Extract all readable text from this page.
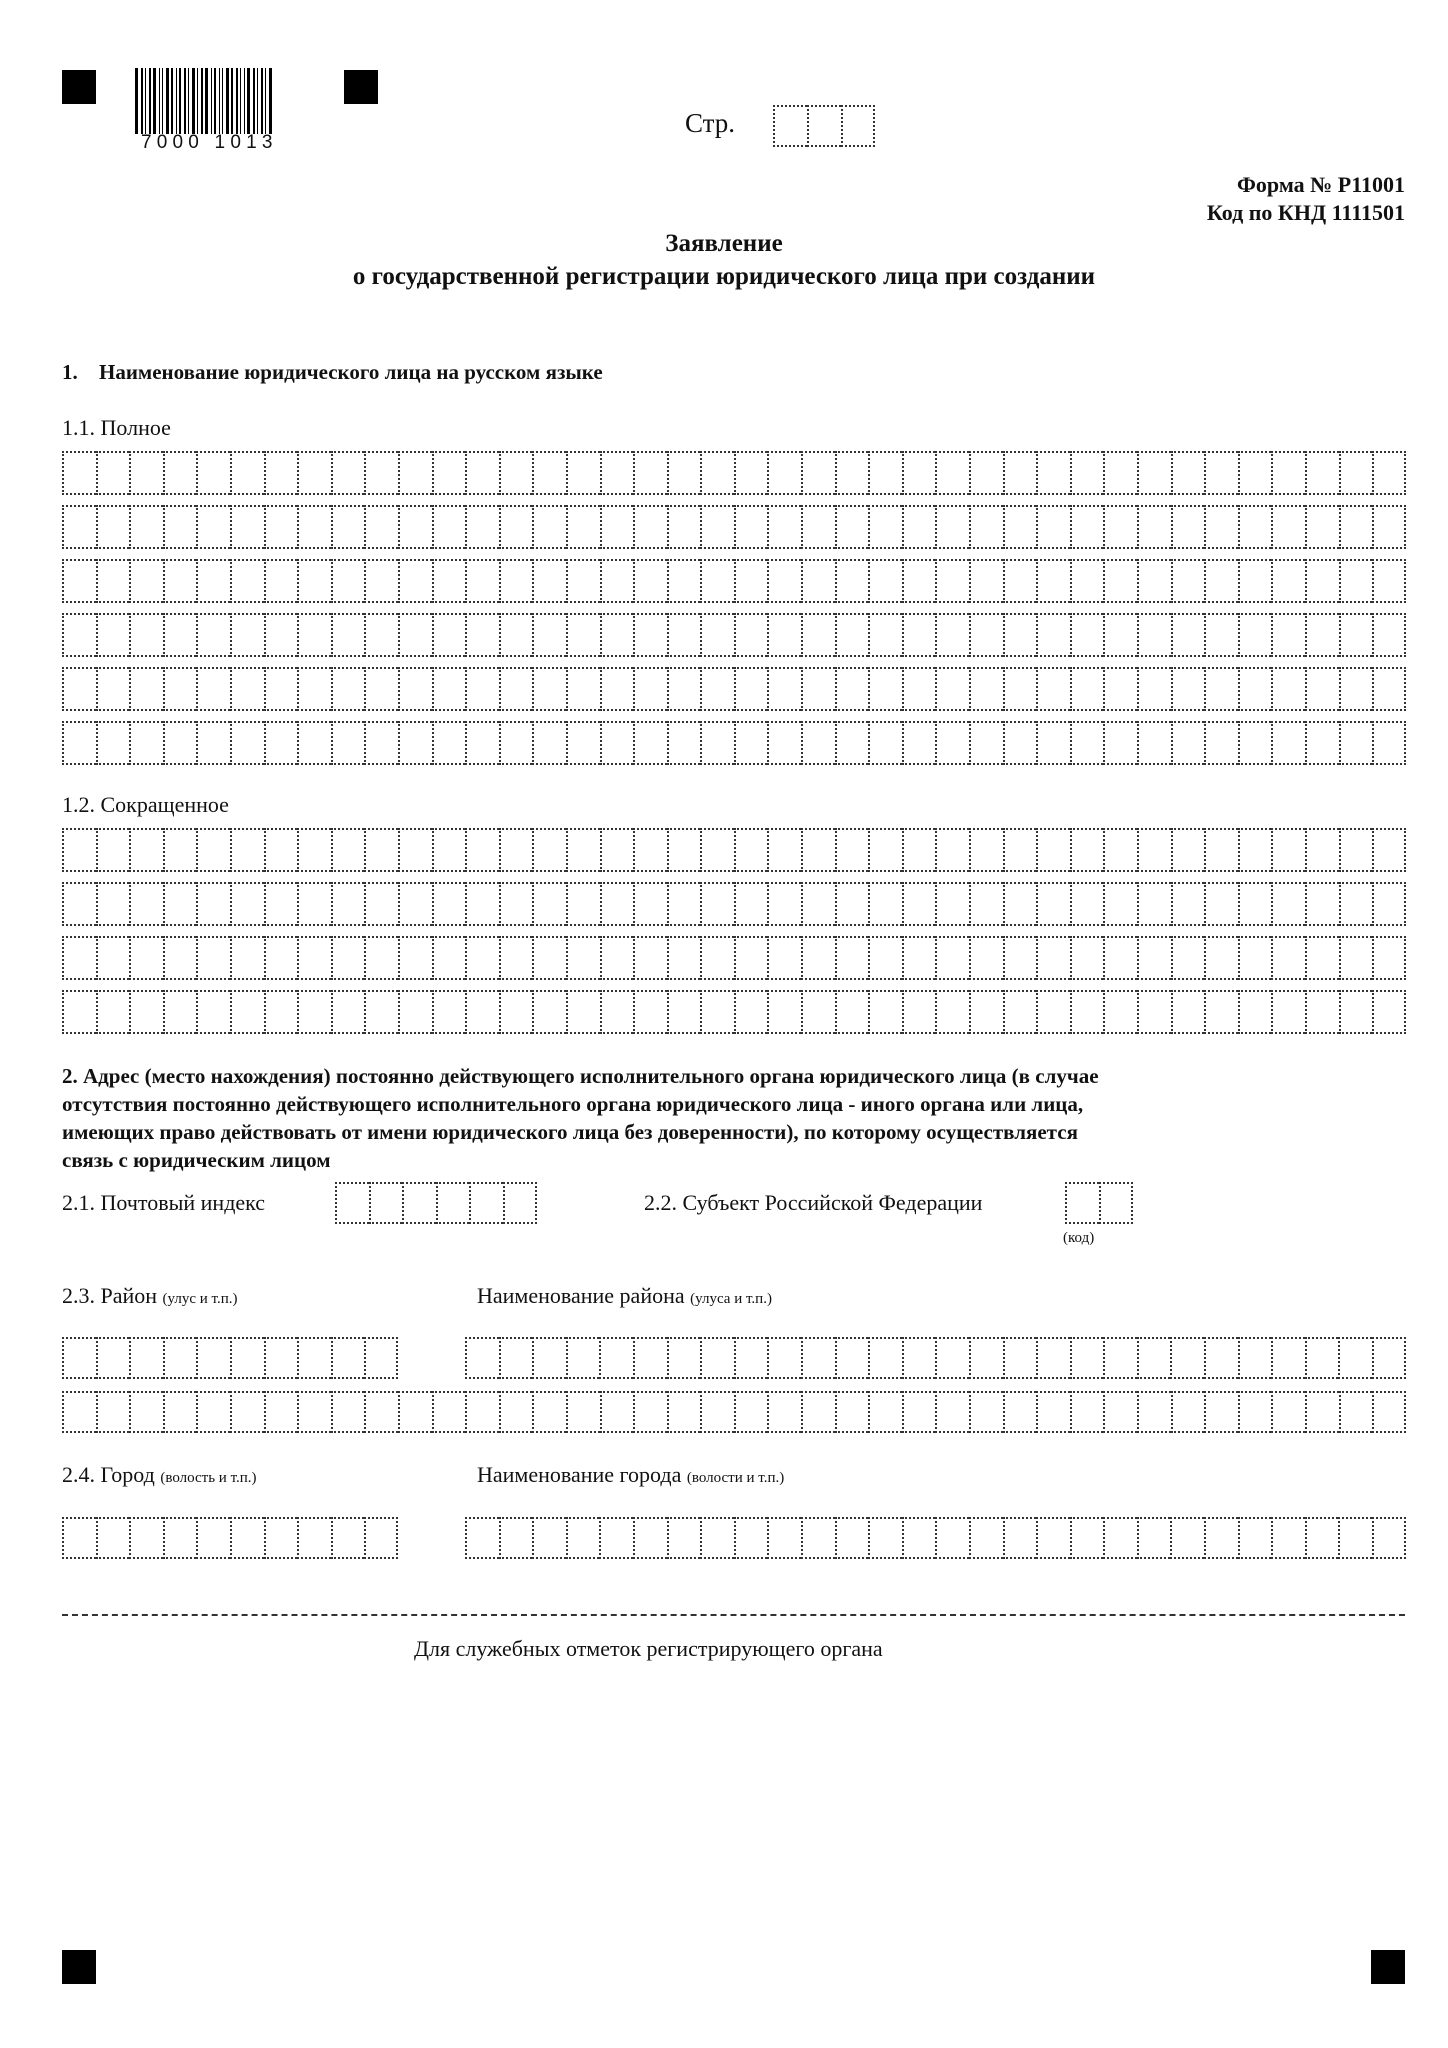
7000 1013
Стр.
Форма № Р11001
Код по КНД 1111501
Заявление
о государственной регистрации юридического лица при создании
1. Наименование юридического лица на русском языке
1.1. Полное
1.2. Сокращенное
2. Адрес (место нахождения) постоянно действующего исполнительного органа юридического лица (в случае
отсутствия постоянно действующего исполнительного органа юридического лица - иного органа или лица,
имеющих право действовать от имени юридического лица без доверенности), по которому осуществляется
связь с юридическим лицом
2.1. Почтовый индекс	2.2. Субъект Российской Федерации
(код)
2.3. Район (улус и т.п.)	Наименование района (улуса и т.п.)
2.4. Город (волость и т.п.)	Наименование города (волости и т.п.)
Для служебных отметок регистрирующего органа
